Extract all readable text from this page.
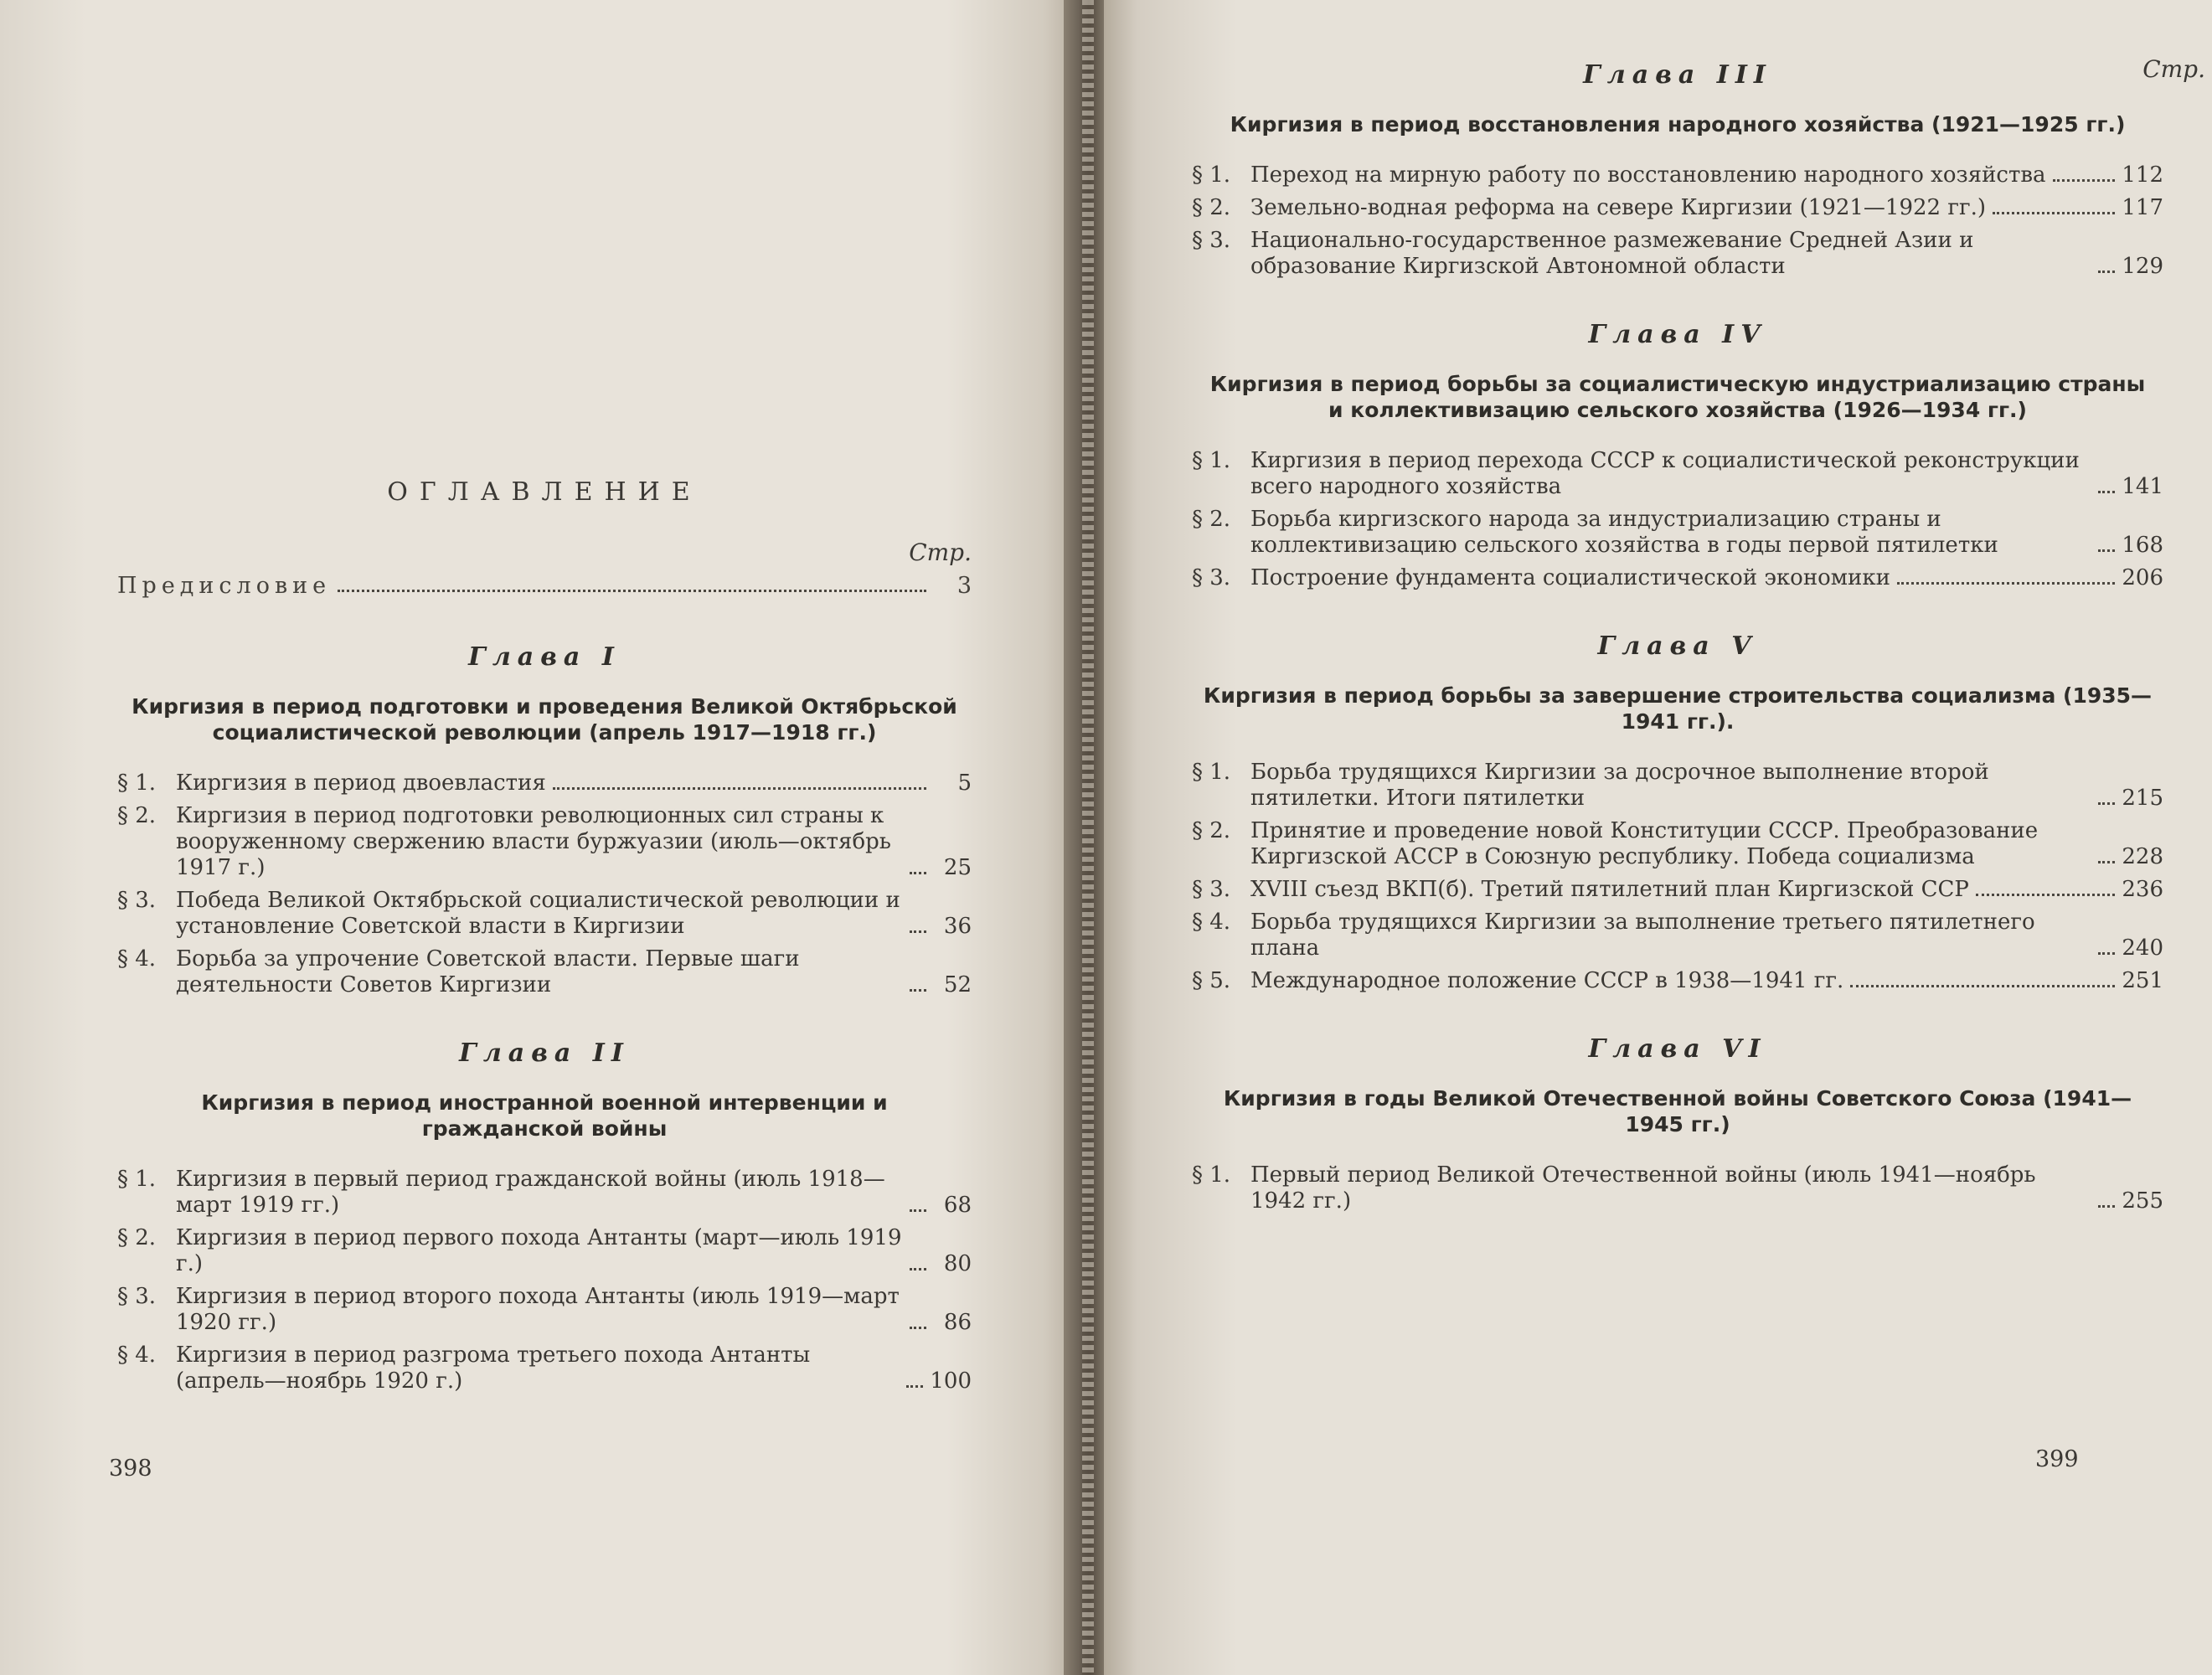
ОГЛАВЛЕНИЕ
Стр.
Предисловие	3
Глава I
Киргизия в период подготовки и проведения Великой Октябрьской социалистической революции (апрель 1917—1918 гг.)
§ 1. Киргизия в период двоевластия	5
§ 2. Киргизия в период подготовки революционных сил страны к вооруженному свержению власти буржуазии (июль—октябрь 1917 г.)	25
§ 3. Победа Великой Октябрьской социалистической революции и установление Советской власти в Киргизии	36
§ 4. Борьба за упрочение Советской власти. Первые шаги деятельности Советов Киргизии	52
Глава II
Киргизия в период иностранной военной интервенции и гражданской войны
§ 1. Киргизия в первый период гражданской войны (июль 1918—март 1919 гг.)	68
§ 2. Киргизия в период первого похода Антанты (март—июль 1919 г.)	80
§ 3. Киргизия в период второго похода Антанты (июль 1919—март 1920 гг.)	86
§ 4. Киргизия в период разгрома третьего похода Антанты (апрель—ноябрь 1920 г.)	100
398
Стр.
Глава III
Киргизия в период восстановления народного хозяйства (1921—1925 гг.)
§ 1. Переход на мирную работу по восстановлению народного хозяйства	112
§ 2. Земельно-водная реформа на севере Киргизии (1921—1922 гг.)	117
§ 3. Национально-государственное размежевание Средней Азии и образование Киргизской Автономной области	129
Глава IV
Киргизия в период борьбы за социалистическую индустриализацию страны и коллективизацию сельского хозяйства (1926—1934 гг.)
§ 1. Киргизия в период перехода СССР к социалистической реконструкции всего народного хозяйства	141
§ 2. Борьба киргизского народа за индустриализацию страны и коллективизацию сельского хозяйства в годы первой пятилетки	168
§ 3. Построение фундамента социалистической экономики	206
Глава V
Киргизия в период борьбы за завершение строительства социализма (1935—1941 гг.).
§ 1. Борьба трудящихся Киргизии за досрочное выполнение второй пятилетки. Итоги пятилетки	215
§ 2. Принятие и проведение новой Конституции СССР. Преобразование Киргизской АССР в Союзную республику. Победа социализма	228
§ 3. XVIII съезд ВКП(б). Третий пятилетний план Киргизской ССР	236
§ 4. Борьба трудящихся Киргизии за выполнение третьего пятилетнего плана	240
§ 5. Международное положение СССР в 1938—1941 гг.	251
Глава VI
Киргизия в годы Великой Отечественной войны Советского Союза (1941—1945 гг.)
§ 1. Первый период Великой Отечественной войны (июль 1941—ноябрь 1942 гг.)	255
399
